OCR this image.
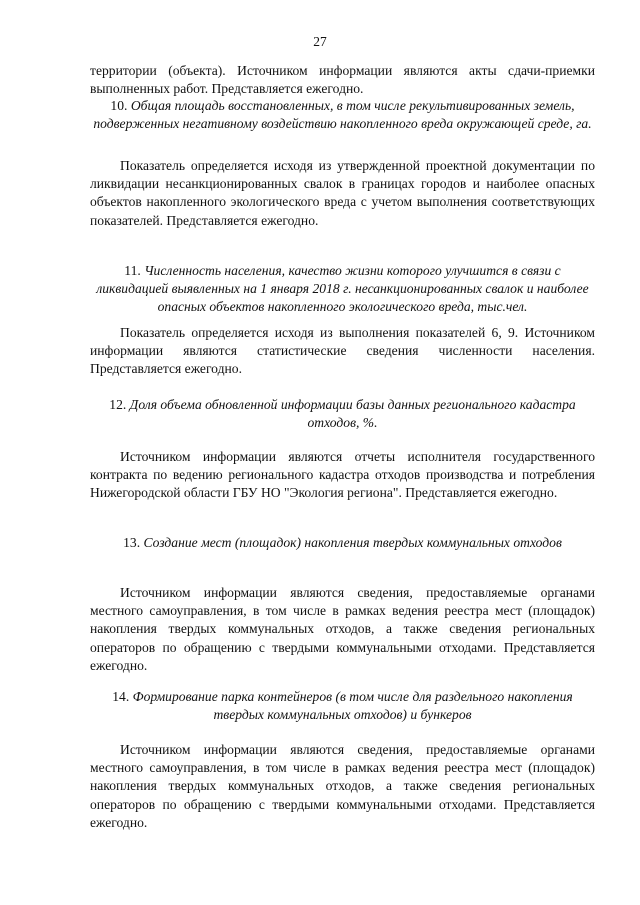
27
территории (объекта). Источником информации являются акты сдачи-приемки выполненных работ. Представляется ежегодно.
10. Общая площадь восстановленных, в том числе рекультивированных земель, подверженных негативному воздействию накопленного вреда окружающей среде, га.
Показатель определяется исходя из утвержденной проектной документации по ликвидации несанкционированных свалок в границах городов и наиболее опасных объектов накопленного экологического вреда с учетом выполнения соответствующих показателей. Представляется ежегодно.
11. Численность населения, качество жизни которого улучшится в связи с ликвидацией выявленных на 1 января 2018 г. несанкционированных свалок и наиболее опасных объектов накопленного экологического вреда, тыс.чел.
Показатель определяется исходя из выполнения показателей 6, 9. Источником информации являются статистические сведения численности населения. Представляется ежегодно.
12. Доля объема обновленной информации базы данных регионального кадастра отходов, %.
Источником информации являются отчеты исполнителя государственного контракта по ведению регионального кадастра отходов производства и потребления Нижегородской области ГБУ НО "Экология региона". Представляется ежегодно.
13. Создание мест (площадок) накопления твердых коммунальных отходов
Источником информации являются сведения, предоставляемые органами местного самоуправления, в том числе в рамках ведения реестра мест (площадок) накопления твердых коммунальных отходов, а также сведения региональных операторов по обращению с твердыми коммунальными отходами. Представляется ежегодно.
14. Формирование парка контейнеров (в том числе для раздельного накопления твердых коммунальных отходов) и бункеров
Источником информации являются сведения, предоставляемые органами местного самоуправления, в том числе в рамках ведения реестра мест (площадок) накопления твердых коммунальных отходов, а также сведения региональных операторов по обращению с твердыми коммунальными отходами. Представляется ежегодно.
